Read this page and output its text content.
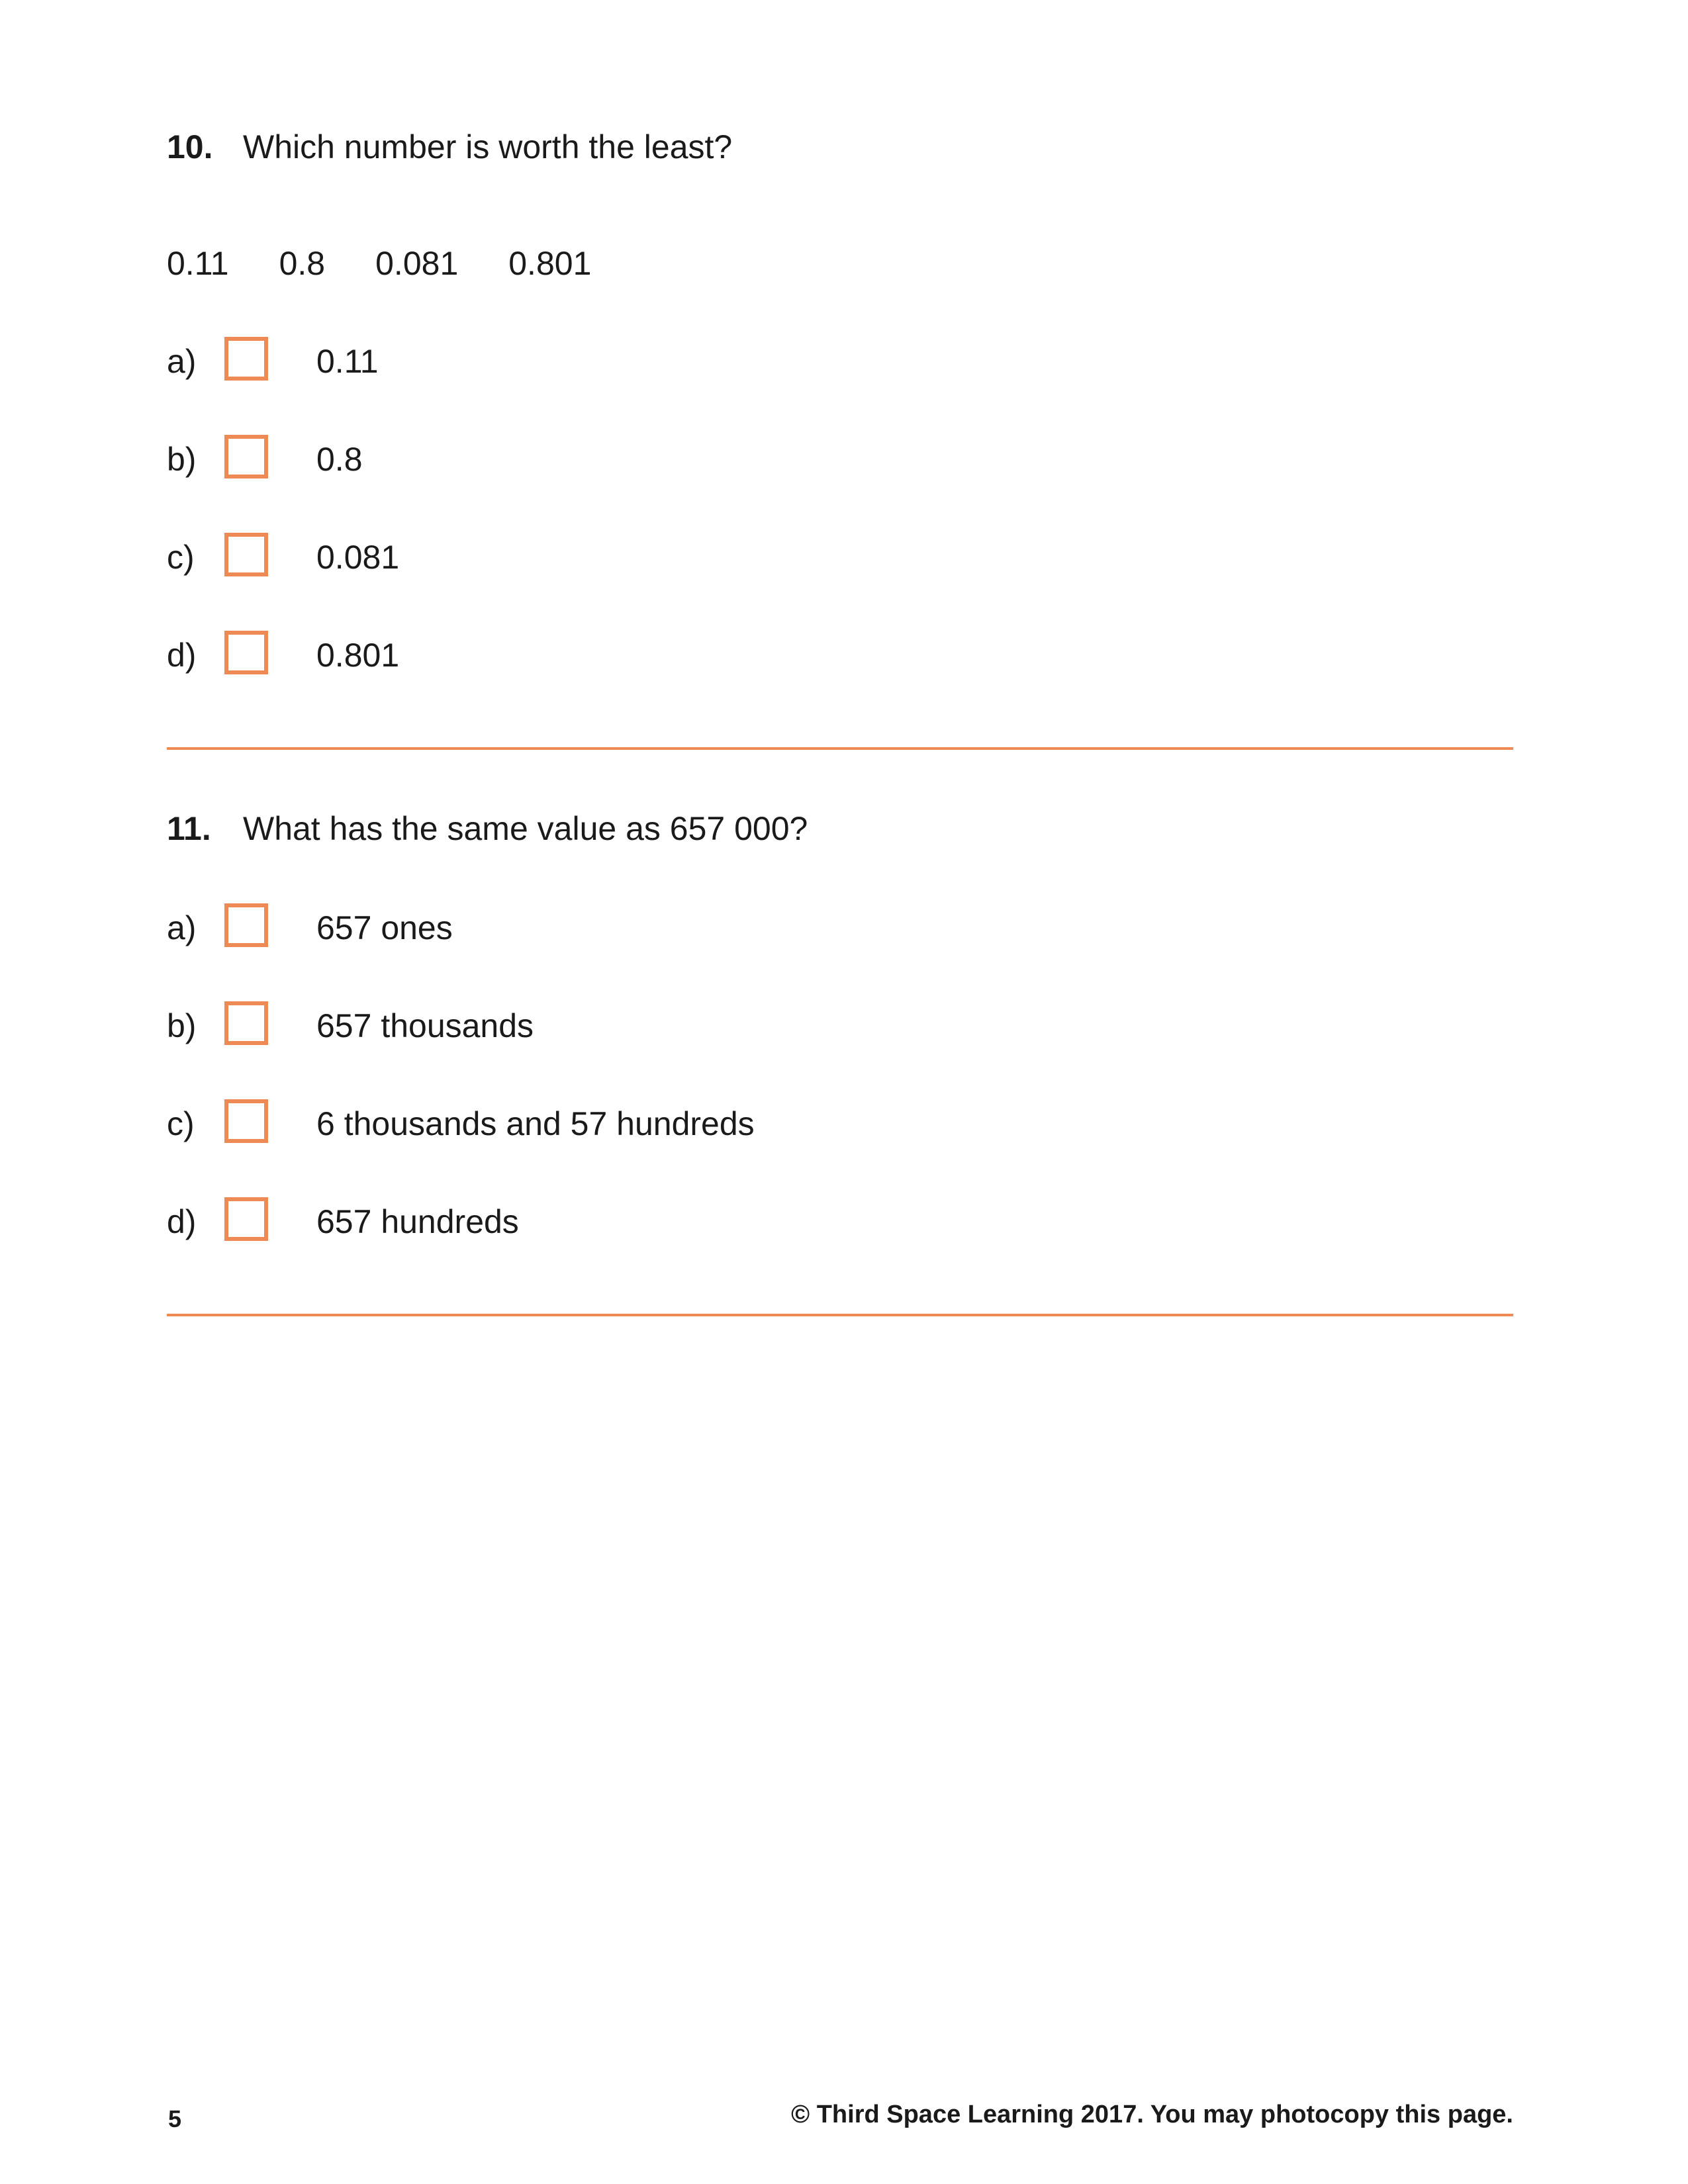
10. Which number is worth the least?
0.11 0.8 0.081 0.801
a)	0.11
b)	0.8
c)	0.081
d)	0.801
11. What has the same value as 657 000?
a)	657 ones
b)	657 thousands
c)	6 thousands and 57 hundreds
d)	657 hundreds
5	© Third Space Learning 2017. You may photocopy this page.
